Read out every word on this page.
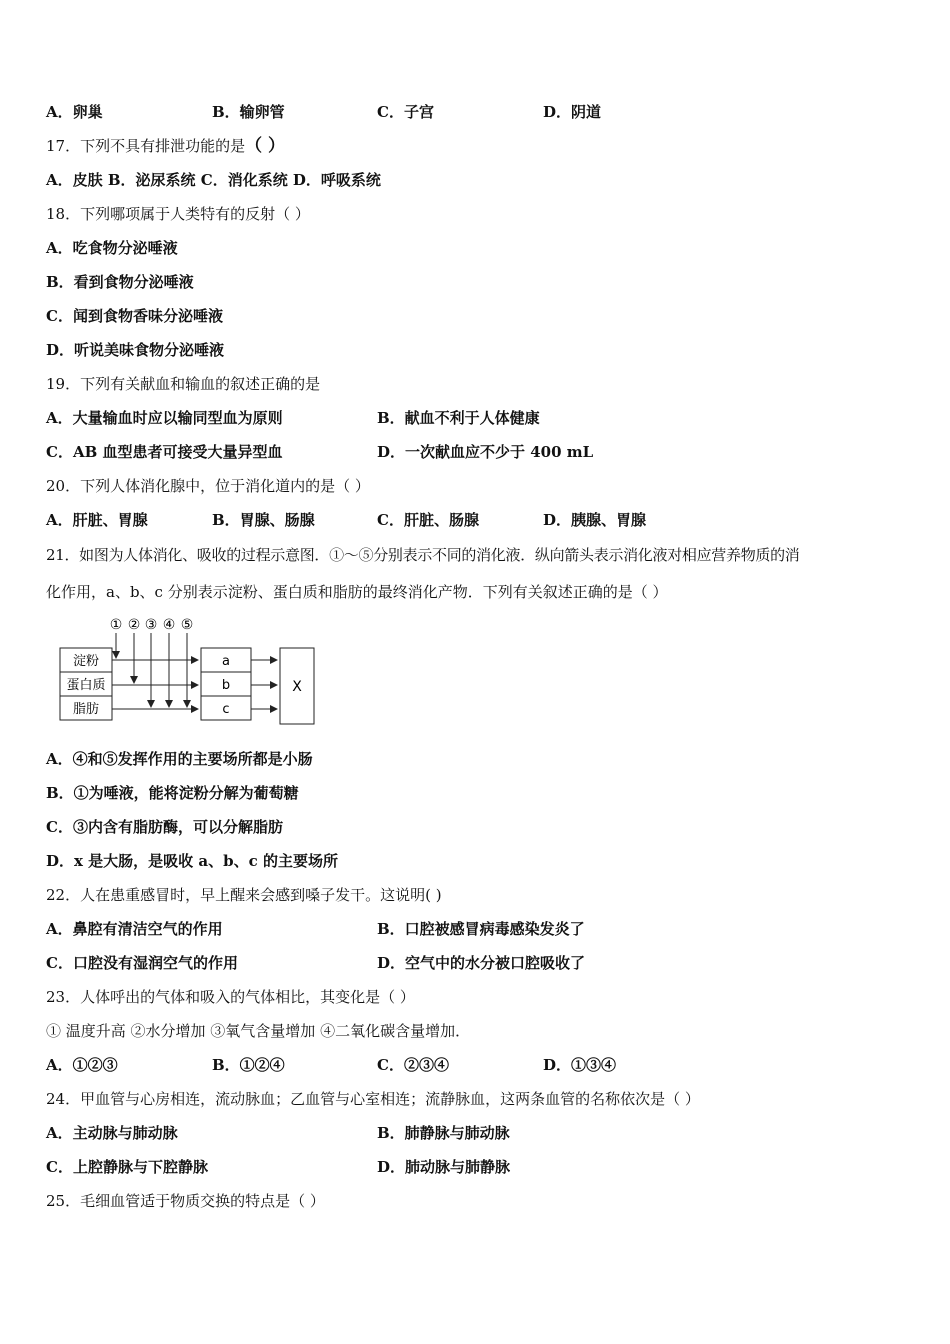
A．卵巢	B．输卵管	C．子宫	D．阴道
17．下列不具有排泄功能的是（ ）
A．皮肤 B．泌尿系统 C．消化系统 D．呼吸系统
18．下列哪项属于人类特有的反射（ ）
A．吃食物分泌唾液
B．看到食物分泌唾液
C．闻到食物香味分泌唾液
D．听说美味食物分泌唾液
19．下列有关献血和输血的叙述正确的是
A．大量输血时应以输同型血为原则	B．献血不利于人体健康
C．AB 血型患者可接受大量异型血	D．一次献血应不少于 400 mL
20．下列人体消化腺中，位于消化道内的是（ ）
A．肝脏、胃腺	B．胃腺、肠腺	C．肝脏、肠腺	D．胰腺、胃腺
21．如图为人体消化、吸收的过程示意图．①～⑤分别表示不同的消化液．纵向箭头表示消化液对相应营养物质的消
化作用，a、b、c 分别表示淀粉、蛋白质和脂肪的最终消化产物．下列有关叙述正确的是（ ）
① ② ③ ④ ⑤
淀粉
蛋白质
脂肪
a
b
c
X
A．④和⑤发挥作用的主要场所都是小肠
B．①为唾液，能将淀粉分解为葡萄糖
C．③内含有脂肪酶，可以分解脂肪
D．x 是大肠，是吸收 a、b、c 的主要场所
22．人在患重感冒时，早上醒来会感到嗓子发干。这说明( )
A．鼻腔有清洁空气的作用	B．口腔被感冒病毒感染发炎了
C．口腔没有湿润空气的作用	D．空气中的水分被口腔吸收了
23．人体呼出的气体和吸入的气体相比，其变化是（ ）
① 温度升高 ②水分增加 ③氧气含量增加 ④二氧化碳含量增加．
A．①②③	B．①②④	C．②③④	D．①③④
24．甲血管与心房相连，流动脉血；乙血管与心室相连；流静脉血，这两条血管的名称依次是（ ）
A．主动脉与肺动脉	B．肺静脉与肺动脉
C．上腔静脉与下腔静脉	D．肺动脉与肺静脉
25．毛细血管适于物质交换的特点是（ ）
